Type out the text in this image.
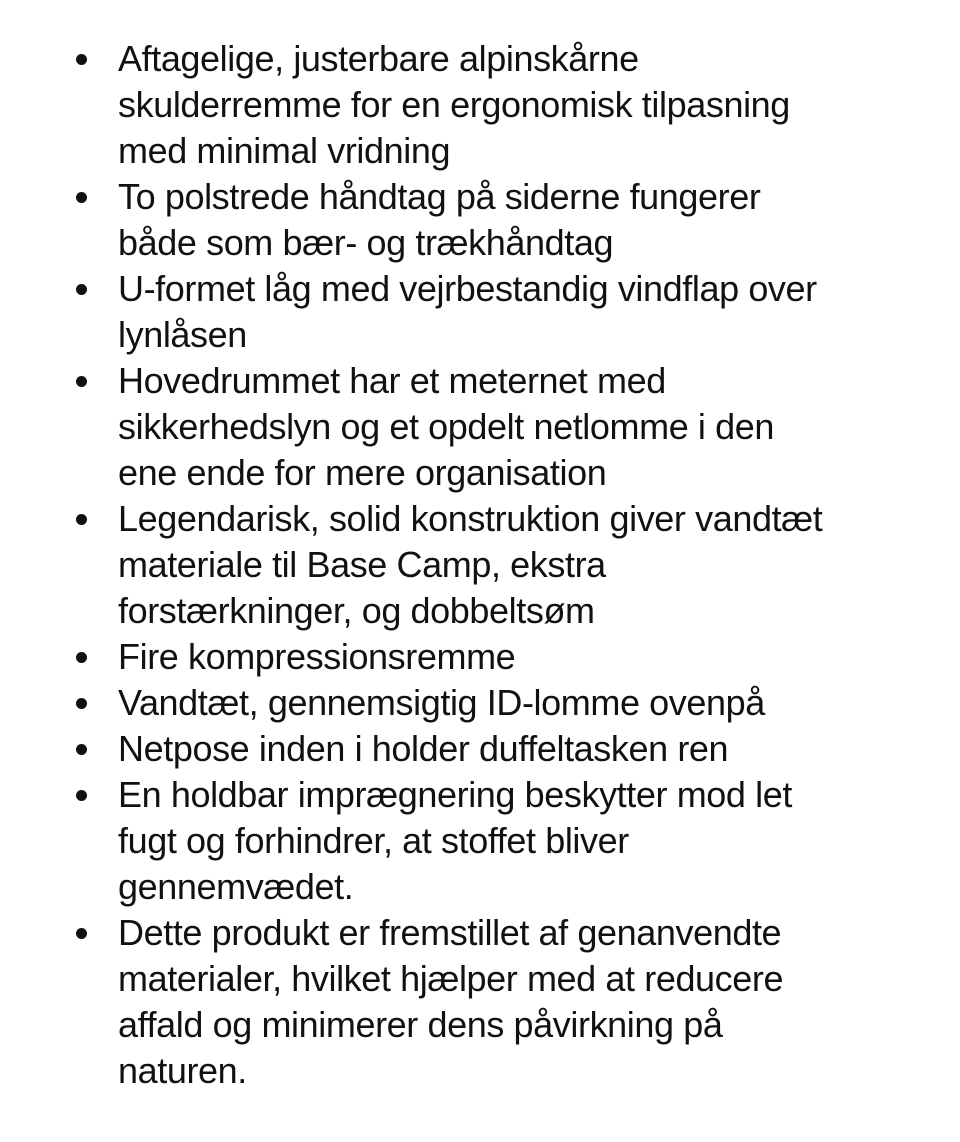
Aftagelige, justerbare alpinskårne
skulderremme for en ergonomisk tilpasning
med minimal vridning
To polstrede håndtag på siderne fungerer
både som bær- og trækhåndtag
U-formet låg med vejrbestandig vindflap over
lynlåsen
Hovedrummet har et meternet med
sikkerhedslyn og et opdelt netlomme i den
ene ende for mere organisation
Legendarisk, solid konstruktion giver vandtæt
materiale til Base Camp, ekstra
forstærkninger, og dobbeltsøm
Fire kompressionsremme
Vandtæt, gennemsigtig ID-lomme ovenpå
Netpose inden i holder duffeltasken ren
En holdbar imprægnering beskytter mod let
fugt og forhindrer, at stoffet bliver
gennemvædet.
Dette produkt er fremstillet af genanvendte
materialer, hvilket hjælper med at reducere
affald og minimerer dens påvirkning på
naturen.
